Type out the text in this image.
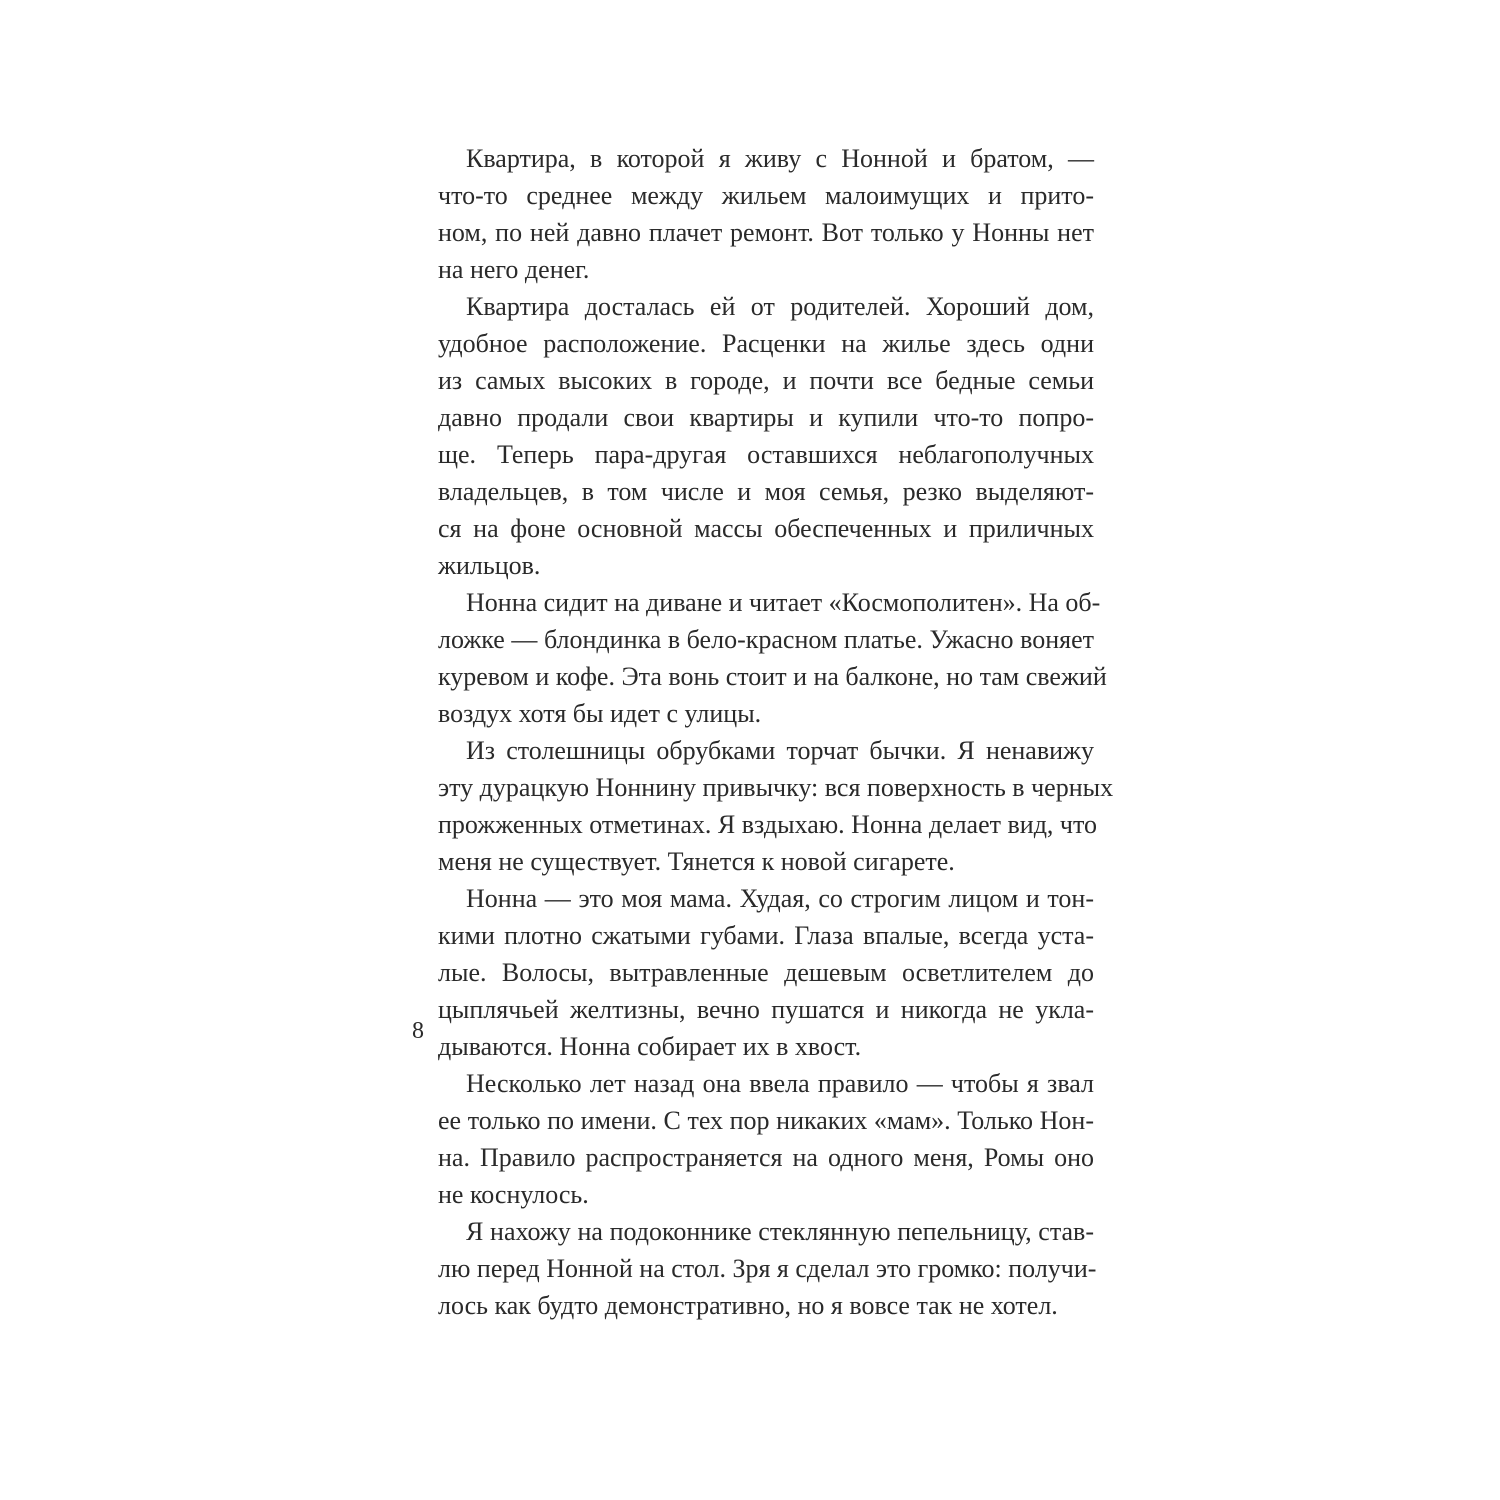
Квартира, в которой я живу с Нонной и братом, —
что-то среднее между жильем малоимущих и прито-
ном, по ней давно плачет ремонт. Вот только у Нонны нет
на него денег.
Квартира досталась ей от родителей. Хороший дом,
удобное расположение. Расценки на жилье здесь одни
из самых высоких в городе, и почти все бедные семьи
давно продали свои квартиры и купили что-то попро-
ще. Теперь пара-другая оставшихся неблагополучных
владельцев, в том числе и моя семья, резко выделяют-
ся на фоне основной массы обеспеченных и приличных
жильцов.
Нонна сидит на диване и читает «Космополитен». На об-
ложке — блондинка в бело-красном платье. Ужасно воняет
куревом и кофе. Эта вонь стоит и на балконе, но там свежий
воздух хотя бы идет с улицы.
Из столешницы обрубками торчат бычки. Я ненавижу
эту дурацкую Ноннину привычку: вся поверхность в черных
прожженных отметинах. Я вздыхаю. Нонна делает вид, что
меня не существует. Тянется к новой сигарете.
Нонна — это моя мама. Худая, со строгим лицом и тон-
кими плотно сжатыми губами. Глаза впалые, всегда уста-
лые. Волосы, вытравленные дешевым осветлителем до
цыплячьей желтизны, вечно пушатся и никогда не укла-
дываются. Нонна собирает их в хвост.
Несколько лет назад она ввела правило — чтобы я звал
ее только по имени. С тех пор никаких «мам». Только Нон-
на. Правило распространяется на одного меня, Ромы оно
не коснулось.
Я нахожу на подоконнике стеклянную пепельницу, став-
лю перед Нонной на стол. Зря я сделал это громко: получи-
лось как будто демонстративно, но я вовсе так не хотел.
8
